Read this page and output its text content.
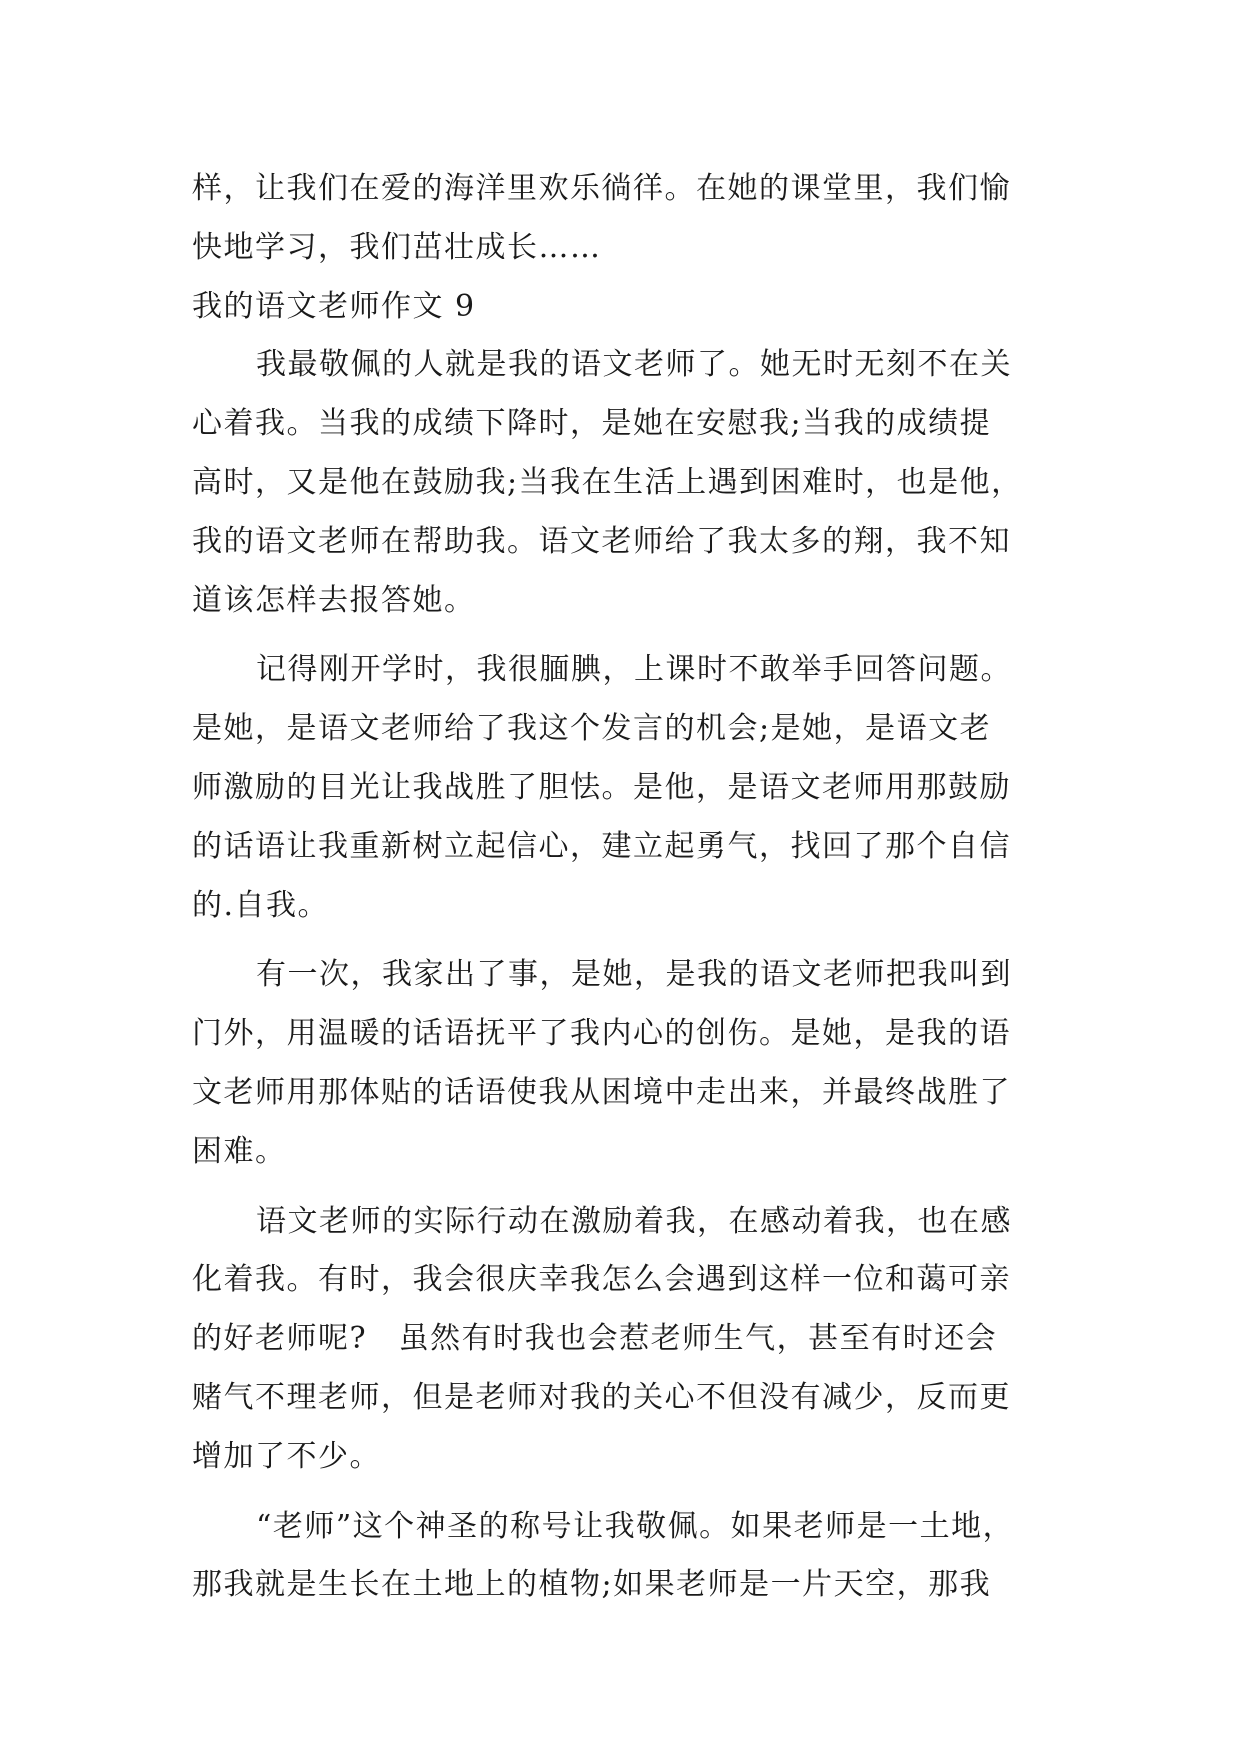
样，让我们在爱的海洋里欢乐徜徉。在她的课堂里，我们愉
快地学习，我们茁壮成长……
我的语文老师作文 9
我最敬佩的人就是我的语文老师了。她无时无刻不在关
心着我。当我的成绩下降时，是她在安慰我;当我的成绩提
高时，又是他在鼓励我;当我在生活上遇到困难时，也是他，
我的语文老师在帮助我。语文老师给了我太多的翔，我不知
道该怎样去报答她。
记得刚开学时，我很腼腆，上课时不敢举手回答问题。
是她，是语文老师给了我这个发言的机会;是她，是语文老
师激励的目光让我战胜了胆怯。是他，是语文老师用那鼓励
的话语让我重新树立起信心，建立起勇气，找回了那个自信
的.自我。
有一次，我家出了事，是她，是我的语文老师把我叫到
门外，用温暖的话语抚平了我内心的创伤。是她，是我的语
文老师用那体贴的话语使我从困境中走出来，并最终战胜了
困难。
语文老师的实际行动在激励着我，在感动着我，也在感
化着我。有时，我会很庆幸我怎么会遇到这样一位和蔼可亲
的好老师呢?　虽然有时我也会惹老师生气，甚至有时还会
赌气不理老师，但是老师对我的关心不但没有减少，反而更
增加了不少。
“老师”这个神圣的称号让我敬佩。如果老师是一土地，
那我就是生长在土地上的植物;如果老师是一片天空，那我
